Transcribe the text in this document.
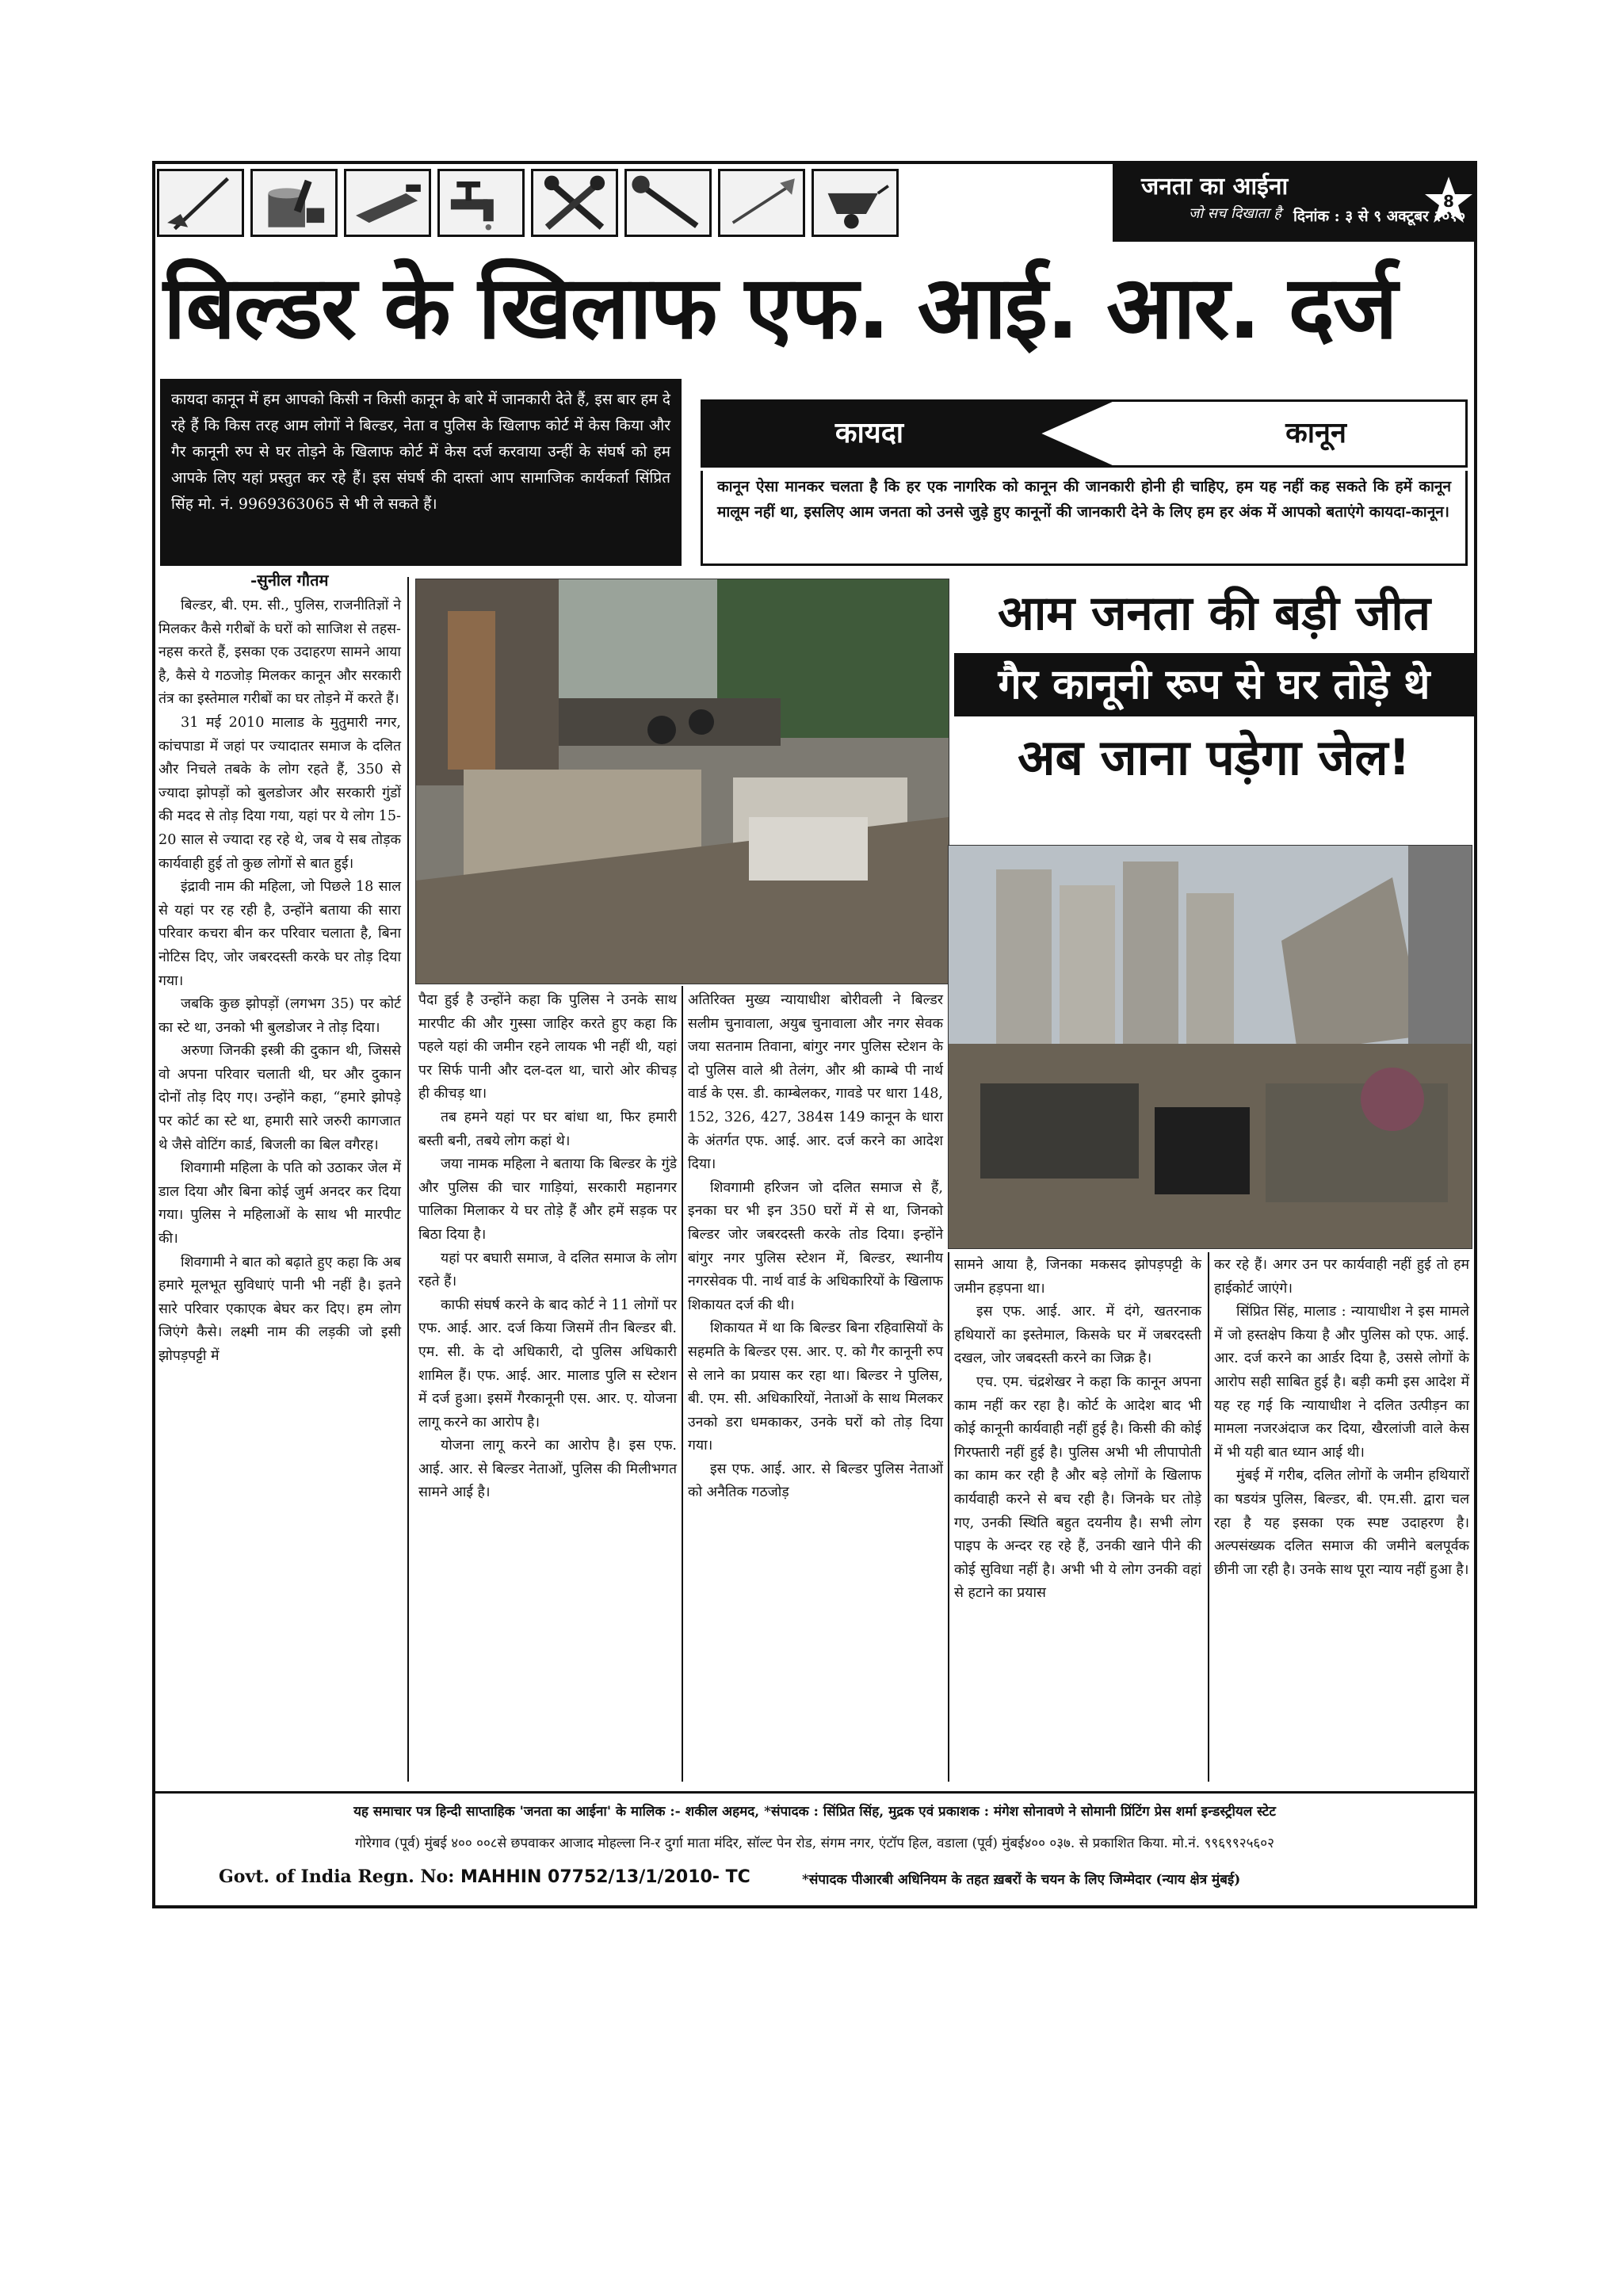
जनता का आईना
जो सच दिखाता है दिनांक : ३ से ९ अक्टूबर २०१०
8
बिल्डर के खिलाफ एफ. आई. आर. दर्ज
कायदा कानून में हम आपको किसी न किसी कानून के बारे में जानकारी देते हैं, इस बार हम दे रहे हैं कि किस तरह आम लोगों ने बिल्डर, नेता व पुलिस के खिलाफ कोर्ट में केस किया और गैर कानूनी रुप से घर तोड़ने के खिलाफ कोर्ट में केस दर्ज करवाया उन्हीं के संघर्ष को हम आपके लिए यहां प्रस्तुत कर रहे हैं। इस संघर्ष की दास्तां आप सामाजिक कार्यकर्ता सिंप्रित सिंह मो. नं. 9969363065 से भी ले सकते हैं।
कायदा	कानून
कानून ऐसा मानकर चलता है कि हर एक नागरिक को कानून की जानकारी होनी ही चाहिए, हम यह नहीं कह सकते कि हमें कानून मालूम नहीं था, इसलिए आम जनता को उनसे जुड़े हुए कानूनों की जानकारी देने के लिए हम हर अंक में आपको बताएंगे कायदा-कानून।
-सुनील गौतम

बिल्डर, बी. एम. सी., पुलिस, राजनीतिज्ञों ने मिलकर कैसे गरीबों के घरों को साजिश से तहस-नहस करते हैं, इसका एक उदाहरण सामने आया है, कैसे ये गठजोड़ मिलकर कानून और सरकारी तंत्र का इस्तेमाल गरीबों का घर तोड़ने में करते हैं।

31 मई 2010 मालाड के मुतुमारी नगर, कांचपाडा में जहां पर ज्यादातर समाज के दलित और निचले तबके के लोग रहते हैं, 350 से ज्यादा झोपड़ों को बुलडोजर और सरकारी गुंडों की मदद से तोड़ दिया गया, यहां पर ये लोग 15-20 साल से ज्यादा रह रहे थे, जब ये सब तोड़क कार्यवाही हुई तो कुछ लोगों से बात हुई।

इंद्रावी नाम की महिला, जो पिछले 18 साल से यहां पर रह रही है, उन्होंने बताया की सारा परिवार कचरा बीन कर परिवार चलाता है, बिना नोटिस दिए, जोर जबरदस्ती करके घर तोड़ दिया गया।

जबकि कुछ झोपड़ों (लगभग 35) पर कोर्ट का स्टे था, उनको भी बुलडोजर ने तोड़ दिया।

अरुणा जिनकी इस्त्री की दुकान थी, जिससे वो अपना परिवार चलाती थी, घर और दुकान दोनों तोड़ दिए गए। उन्होंने कहा, “हमारे झोपड़े पर कोर्ट का स्टे था, हमारी सारे जरुरी कागजात थे जैसे वोटिंग कार्ड, बिजली का बिल वगैरह।

शिवगामी महिला के पति को उठाकर जेल में डाल दिया और बिना कोई जुर्म अनदर कर दिया गया। पुलिस ने महिलाओं के साथ भी मारपीट की।

शिवगामी ने बात को बढ़ाते हुए कहा कि अब हमारे मूलभूत सुविधाएं पानी भी नहीं है। इतने सारे परिवार एकाएक बेघर कर दिए। हम लोग जिएंगे कैसे। लक्ष्मी नाम की लड़की जो इसी झोपड़पट्टी में

आम जनता की बड़ी जीत
गैर कानूनी रूप से घर तोड़े थे
अब जाना पड़ेगा जेल!

पैदा हुई है उन्होंने कहा कि पुलिस ने उनके साथ मारपीट की और गुस्सा जाहिर करते हुए कहा कि पहले यहां की जमीन रहने लायक भी नहीं थी, यहां पर सिर्फ पानी और दल-दल था, चारो ओर कीचड़ ही कीचड़ था।

तब हमने यहां पर घर बांधा था, फिर हमारी बस्ती बनी, तबये लोग कहां थे।

जया नामक महिला ने बताया कि बिल्डर के गुंडे और पुलिस की चार गाड़ियां, सरकारी महानगर पालिका मिलाकर ये घर तोड़े हैं और हमें सड़क पर बिठा दिया है।

यहां पर बघारी समाज, वे दलित समाज के लोग रहते हैं।

काफी संघर्ष करने के बाद कोर्ट ने 11 लोगों पर एफ. आई. आर. दर्ज किया जिसमें तीन बिल्डर बी. एम. सी. के दो अधिकारी, दो पुलिस अधिकारी शामिल हैं। एफ. आई. आर. मालाड पुलि स स्टेशन में दर्ज हुआ। इसमें गैरकानूनी एस. आर. ए. योजना लागू करने का आरोप है।

योजना लागू करने का आरोप है। इस एफ. आई. आर. से बिल्डर नेताओं, पुलिस की मिलीभगत सामने आई है।

अतिरिक्त मुख्य न्यायाधीश बोरीवली ने बिल्डर सलीम चुनावाला, अयुब चुनावाला और नगर सेवक जया सतनाम तिवाना, बांगुर नगर पुलिस स्टेशन के दो पुलिस वाले श्री तेलंग, और श्री काम्बे पी नार्थ वार्ड के एस. डी. काम्बेलकर, गावडे पर धारा 148, 152, 326, 427, 384स 149 कानून के धारा के अंतर्गत एफ. आई. आर. दर्ज करने का आदेश दिया।

शिवगामी हरिजन जो दलित समाज से हैं, इनका घर भी इन 350 घरों में से था, जिनको बिल्डर जोर जबरदस्ती करके तोड दिया। इन्होंने बांगुर नगर पुलिस स्टेशन में, बिल्डर, स्थानीय नगरसेवक पी. नार्थ वार्ड के अधिकारियों के खिलाफ शिकायत दर्ज की थी।

शिकायत में था कि बिल्डर बिना रहिवासियों के सहमति के बिल्डर एस. आर. ए. को गैर कानूनी रुप से लाने का प्रयास कर रहा था। बिल्डर ने पुलिस, बी. एम. सी. अधिकारियों, नेताओं के साथ मिलकर उनको डरा धमकाकर, उनके घरों को तोड़ दिया गया।

इस एफ. आई. आर. से बिल्डर पुलिस नेताओं को अनैतिक गठजोड़

सामने आया है, जिनका मकसद झोपड़पट्टी के जमीन हड़पना था।

इस एफ. आई. आर. में दंगे, खतरनाक हथियारों का इस्तेमाल, किसके घर में जबरदस्ती दखल, जोर जबदस्ती करने का जिक्र है।

एच. एम. चंद्रशेखर ने कहा कि कानून अपना काम नहीं कर रहा है। कोर्ट के आदेश बाद भी कोई कानूनी कार्यवाही नहीं हुई है। किसी की कोई गिरफ्तारी नहीं हुई है। पुलिस अभी भी लीपापोती का काम कर रही है और बड़े लोगों के खिलाफ कार्यवाही करने से बच रही है। जिनके घर तोड़े गए, उनकी स्थिति बहुत दयनीय है। सभी लोग पाइप के अन्दर रह रहे हैं, उनकी खाने पीने की कोई सुविधा नहीं है। अभी भी ये लोग उनकी वहां से हटाने का प्रयास

कर रहे हैं। अगर उन पर कार्यवाही नहीं हुई तो हम हाईकोर्ट जाएंगे।

सिंप्रित सिंह, मालाड : न्यायाधीश ने इस मामले में जो हस्तक्षेप किया है और पुलिस को एफ. आई. आर. दर्ज करने का आर्डर दिया है, उससे लोगों के आरोप सही साबित हुई है। बड़ी कमी इस आदेश में यह रह गई कि न्यायाधीश ने दलित उत्पीड़न का मामला नजरअंदाज कर दिया, खैरलांजी वाले केस में भी यही बात ध्यान आई थी।

मुंबई में गरीब, दलित लोगों के जमीन हथियारों का षडयंत्र पुलिस, बिल्डर, बी. एम.सी. द्वारा चल रहा है यह इसका एक स्पष्ट उदाहरण है। अल्पसंख्यक दलित समाज की जमीने बलपूर्वक छीनी जा रही है। उनके साथ पूरा न्याय नहीं हुआ है।

यह समाचार पत्र हिन्दी साप्ताहिक 'जनता का आईना' के मालिक :- शकील अहमद, *संपादक : सिंप्रित सिंह, मुद्रक एवं प्रकाशक : मंगेश सोनावणे ने सोमानी प्रिंटिंग प्रेस शर्मा इन्डस्ट्रीयल स्टेट
गोरेगाव (पूर्व) मुंबई ४०० ००८से छपवाकर आजाद मोहल्ला नि-र दुर्गा माता मंदिर, सॉल्ट पेन रोड, संगम नगर, एंटॉप हिल, वडाला (पूर्व) मुंबई४०० ०३७. से प्रकाशित किया. मो.नं. ९९६९९२५६०२
Govt. of India Regn. No: MAHHIN 07752/13/1/2010- TC	*संपादक पीआरबी अधिनियम के तहत ख़बरों के चयन के लिए जिम्मेदार (न्याय क्षेत्र मुंबई)
